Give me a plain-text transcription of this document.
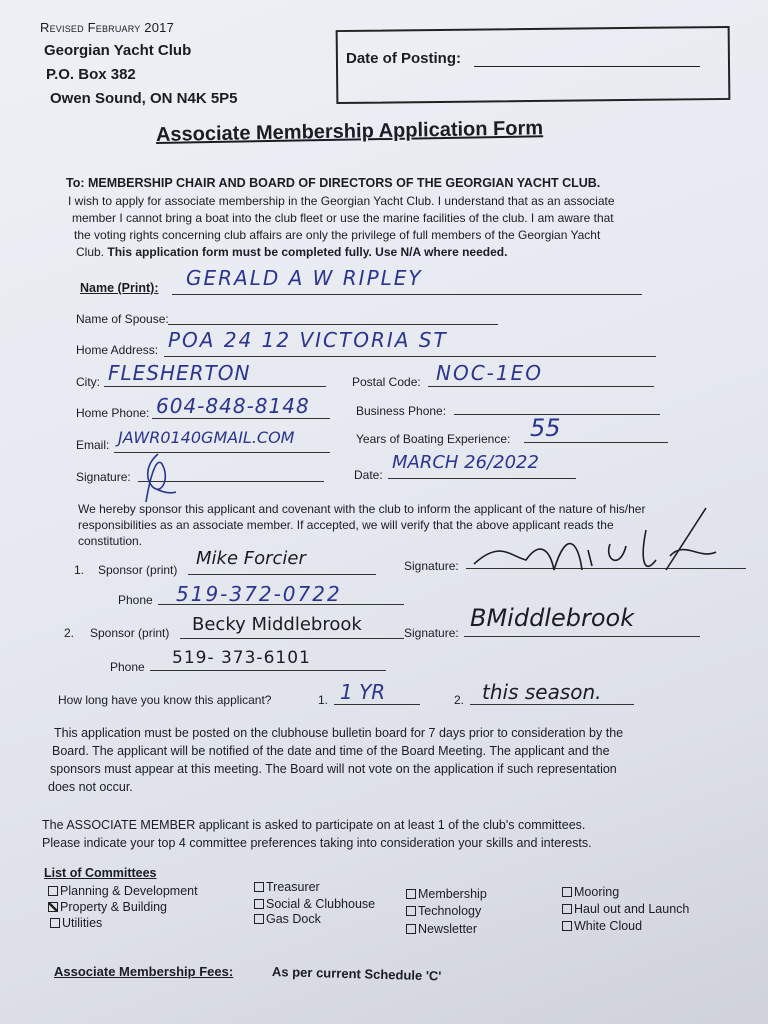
Revised February 2017
Georgian Yacht Club
P.O. Box 382
Owen Sound, ON N4K 5P5
Date of Posting:
Associate Membership Application Form
To: MEMBERSHIP CHAIR AND BOARD OF DIRECTORS OF THE GEORGIAN YACHT CLUB.
I wish to apply for associate membership in the Georgian Yacht Club. I understand that as an associate
member I cannot bring a boat into the club fleet or use the marine facilities of the club. I am aware that
the voting rights concerning club affairs are only the privilege of full members of the Georgian Yacht
Club. This application form must be completed fully. Use N/A where needed.
Name (Print): GERALD A W RIPLEY
Name of Spouse:
Home Address: POA 24 12 VICTORIA ST
City: FLESHERTON	Postal Code: NOC-1EO
Home Phone: 604-848-8148	Business Phone:
Email: JAWR0140GMAIL.COM	Years of Boating Experience: 55
Signature:	Date:
MARCH 26/2022
We hereby sponsor this applicant and covenant with the club to inform the applicant of the nature of his/her
responsibilities as an associate member. If accepted, we will verify that the above applicant reads the
constitution.
1. Sponsor (print)
Mike Forcier	Signature:
Phone 519-372-0722
2. Sponsor (print) Becky Middlebrook	Signature:
BMiddlebrook
Phone 519- 373-6101
How long have you know this applicant?	1. 1 YR	2. this season.
This application must be posted on the clubhouse bulletin board for 7 days prior to consideration by the
Board. The applicant will be notified of the date and time of the Board Meeting. The applicant and the
sponsors must appear at this meeting. The Board will not vote on the application if such representation
does not occur.
The ASSOCIATE MEMBER applicant is asked to participate on at least 1 of the club's committees.
Please indicate your top 4 committee preferences taking into consideration your skills and interests.
List of Committees
Planning & Development
Property & Building
Utilities
Treasurer
Social & Clubhouse
Gas Dock
Membership
Technology
Newsletter
Mooring
Haul out and Launch
White Cloud
Associate Membership Fees:	As per current Schedule 'C'
